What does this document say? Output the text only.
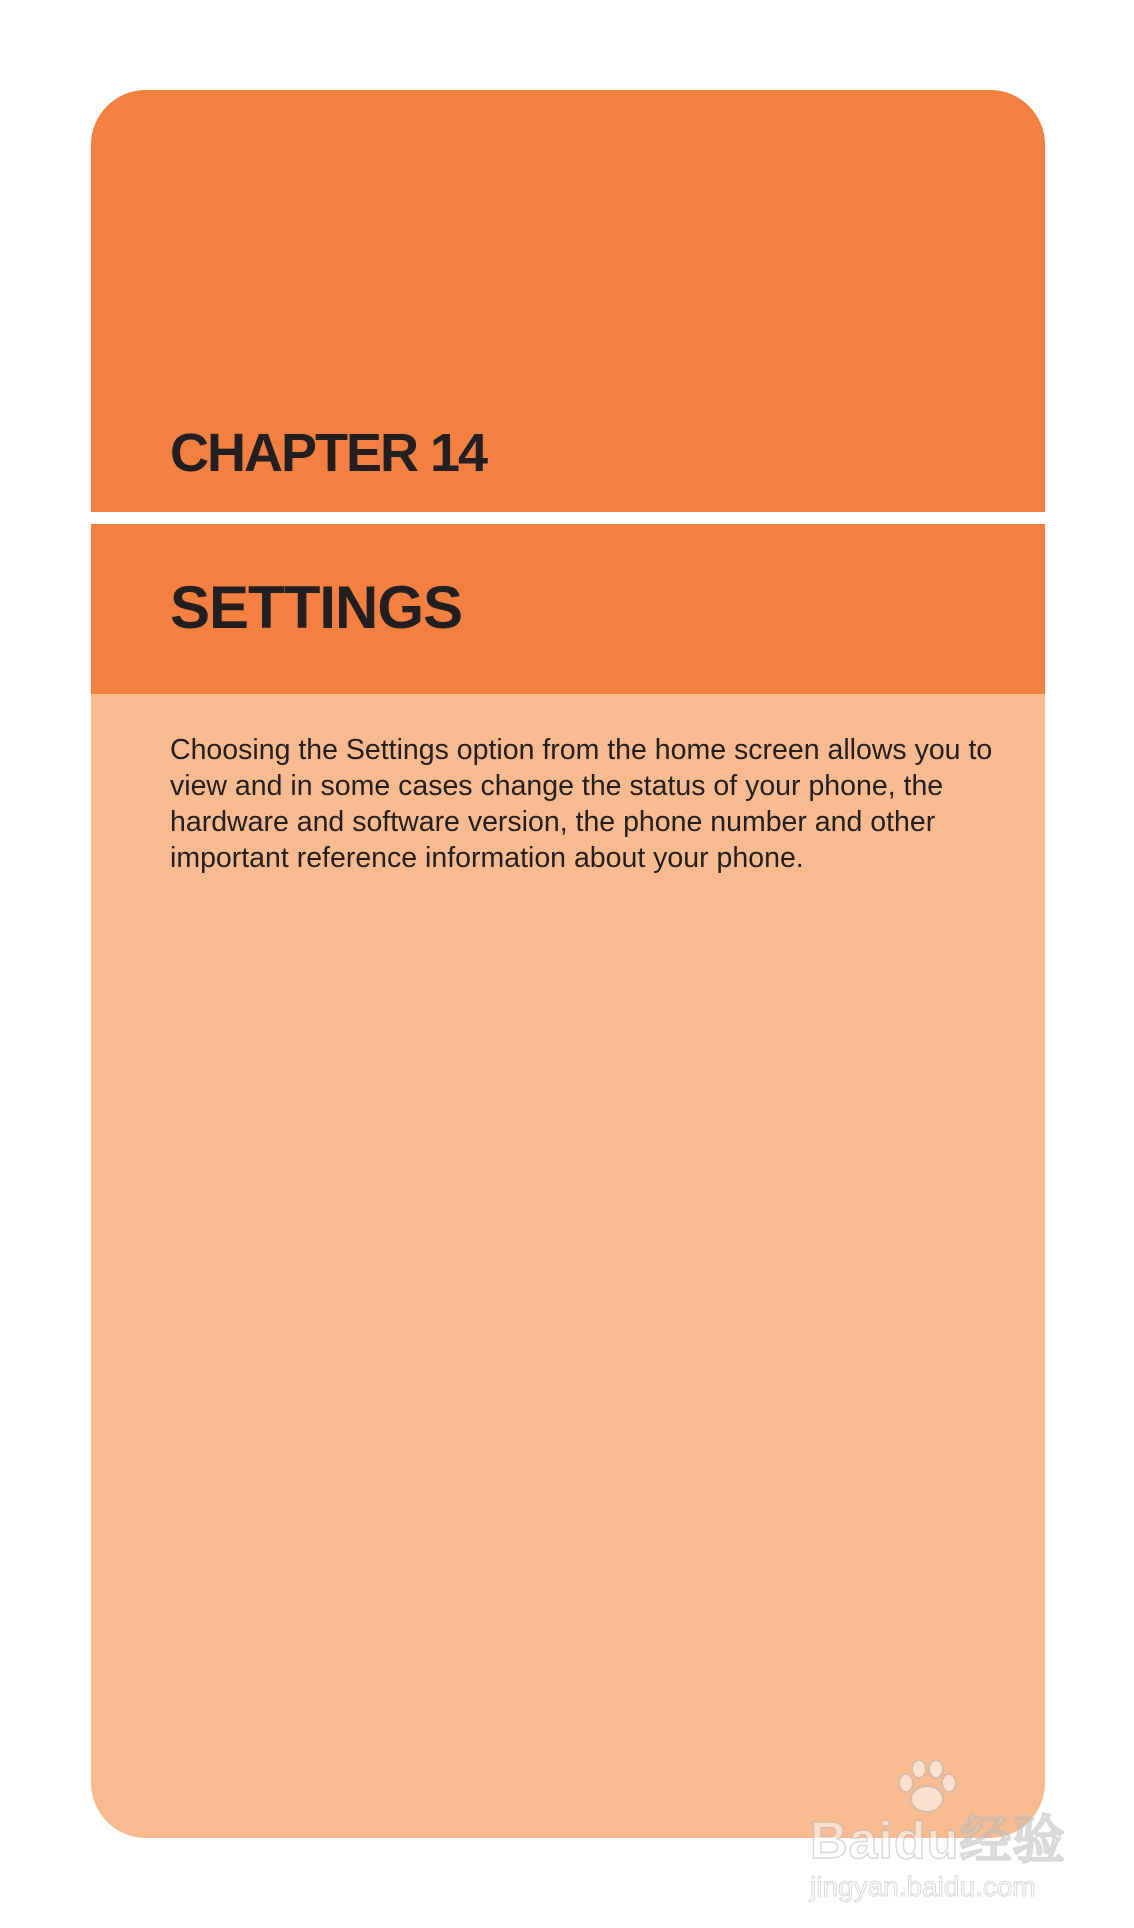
CHAPTER 14
SETTINGS

Choosing the Settings option from the home screen allows you to view and in some cases change the status of your phone, the hardware and software version, the phone number and other important reference information about your phone.

Baidu经验
jingyan.baidu.com
